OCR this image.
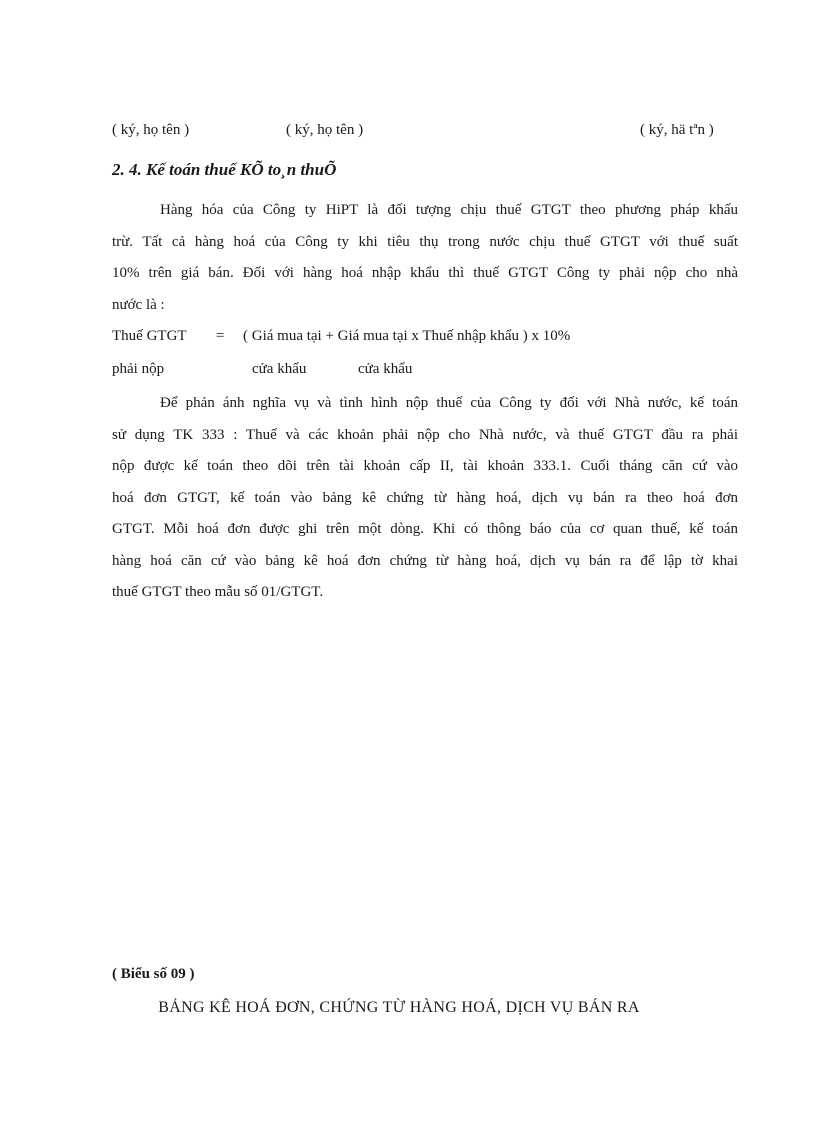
( ký, họ tên )	( ký, họ tên )	( ký, hä tªn )
2. 4. Kế toán thuế KÕ to¸n thuÕ
Hàng hóa của Công ty HiPT là đối tượng chịu thuế GTGT theo phương pháp khấu
trừ. Tất cả hàng hoá của Công ty khi tiêu thụ trong nước chịu thuế GTGT với thuế suất
10% trên giá bán. Đối với hàng hoá nhập khẩu thì thuế GTGT Công ty phải nộp cho nhà
nước là :
Thuế GTGT = ( Giá mua tại + Giá mua tại x Thuế nhập khẩu ) x 10%
phải nộp	cửa khẩu	cửa khẩu
Để phản ánh nghĩa vụ và tình hình nộp thuế của Công ty đối với Nhà nước, kế toán
sử dụng TK 333 : Thuế và các khoản phải nộp cho Nhà nước, và thuế GTGT đầu ra phải
nộp được kế toán theo dõi trên tài khoản cấp II, tài khoản 333.1. Cuối tháng căn cứ vào
hoá đơn GTGT, kế toán vào bảng kê chứng từ hàng hoá, dịch vụ bán ra theo hoá đơn
GTGT. Mỗi hoá đơn được ghi trên một dòng. Khi có thông báo của cơ quan thuế, kế toán
hàng hoá căn cứ vào bảng kê hoá đơn chứng từ hàng hoá, dịch vụ bán ra để lập tờ khai
thuế GTGT theo mẫu số 01/GTGT.
( Biểu số 09 )
BẢNG KÊ HOÁ ĐƠN, CHỨNG TỪ HÀNG HOÁ, DỊCH VỤ BÁN RA
